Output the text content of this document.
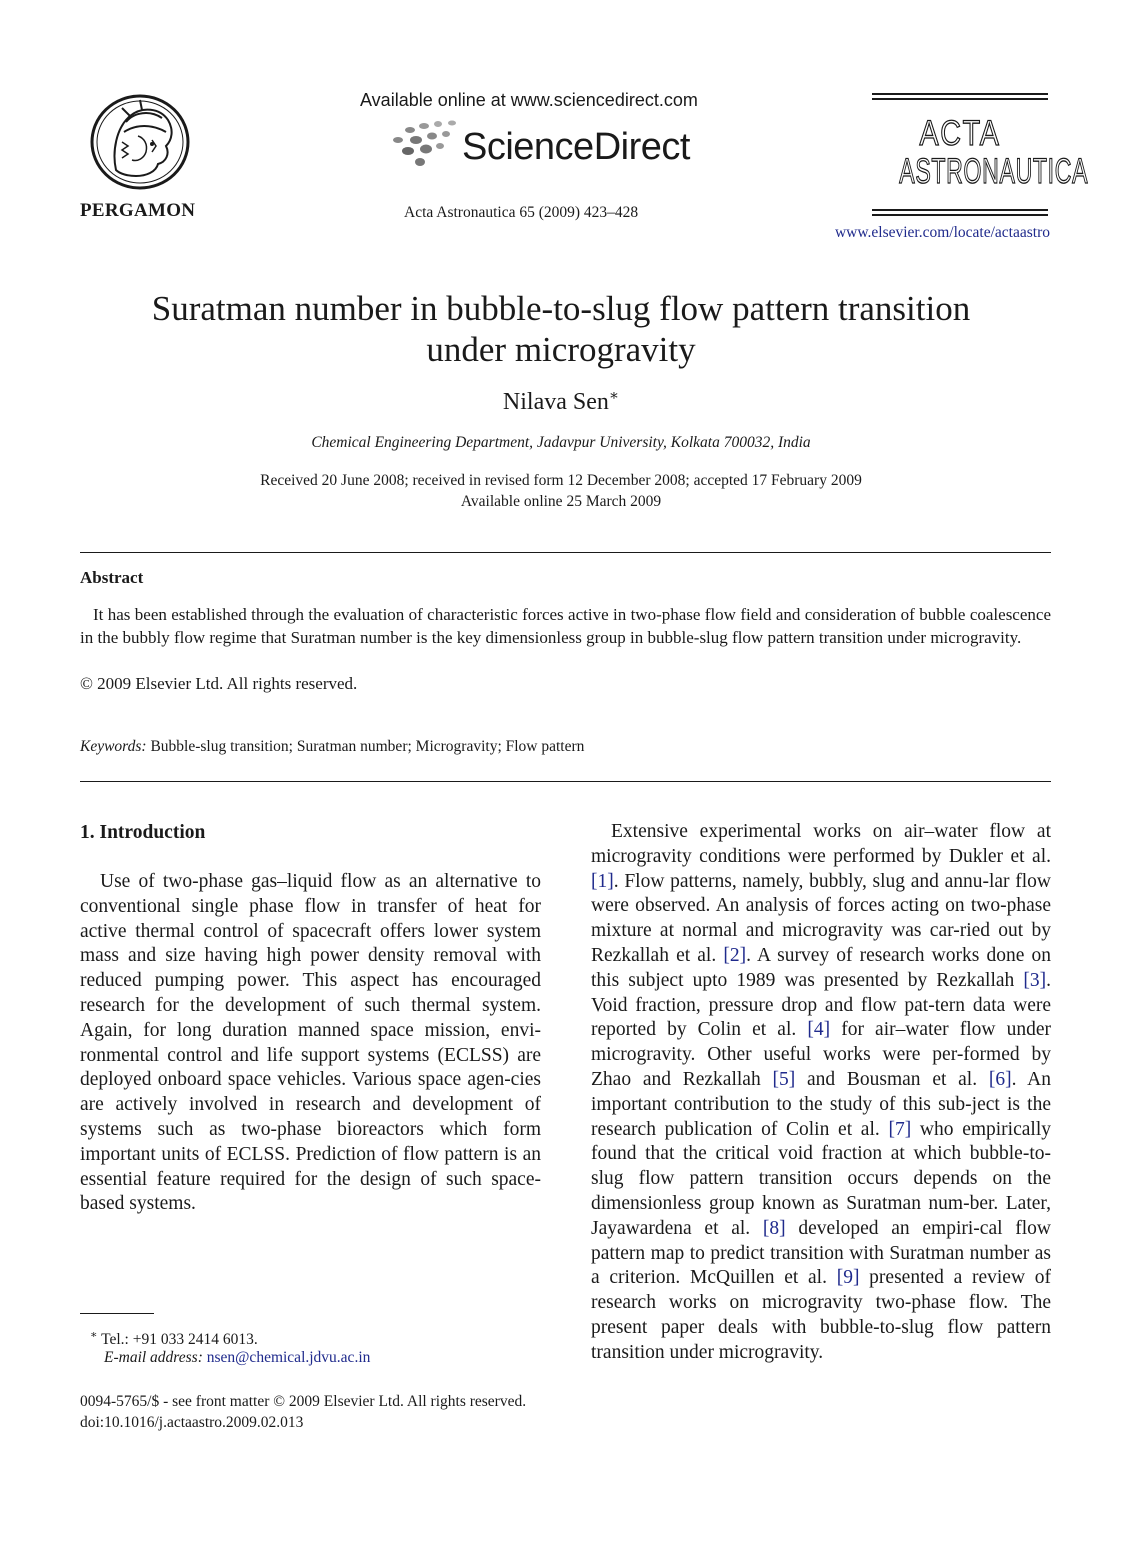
PERGAMON
Available online at www.sciencedirect.com
ScienceDirect
Acta Astronautica 65 (2009) 423–428
ACTA
ASTRONAUTICA
www.elsevier.com/locate/actaastro
Suratman number in bubble-to-slug flow pattern transition
under microgravity
Nilava Sen∗
Chemical Engineering Department, Jadavpur University, Kolkata 700032, India
Received 20 June 2008; received in revised form 12 December 2008; accepted 17 February 2009
Available online 25 March 2009
Abstract

It has been established through the evaluation of characteristic forces active in two-phase flow field and consideration of bubble coalescence in the bubbly flow regime that Suratman number is the key dimensionless group in bubble-slug flow pattern transition under microgravity.

© 2009 Elsevier Ltd. All rights reserved.
Keywords: Bubble-slug transition; Suratman number; Microgravity; Flow pattern
1. Introduction

Use of two-phase gas–liquid flow as an alternative to conventional single phase flow in transfer of heat for active thermal control of spacecraft offers lower system mass and size having high power density removal with reduced pumping power. This aspect has encouraged research for the development of such thermal system. Again, for long duration manned space mission, envi-ronmental control and life support systems (ECLSS) are deployed onboard space vehicles. Various space agen-cies are actively involved in research and development of systems such as two-phase bioreactors which form important units of ECLSS. Prediction of flow pattern is an essential feature required for the design of such space-based systems.

Extensive experimental works on air–water flow at microgravity conditions were performed by Dukler et al. [1]. Flow patterns, namely, bubbly, slug and annu-lar flow were observed. An analysis of forces acting on two-phase mixture at normal and microgravity was car-ried out by Rezkallah et al. [2]. A survey of research works done on this subject upto 1989 was presented by Rezkallah [3]. Void fraction, pressure drop and flow pat-tern data were reported by Colin et al. [4] for air–water flow under microgravity. Other useful works were per-formed by Zhao and Rezkallah [5] and Bousman et al. [6]. An important contribution to the study of this sub-ject is the research publication of Colin et al. [7] who empirically found that the critical void fraction at which bubble-to-slug flow pattern transition occurs depends on the dimensionless group known as Suratman num-ber. Later, Jayawardena et al. [8] developed an empiri-cal flow pattern map to predict transition with Suratman number as a criterion. McQuillen et al. [9] presented a review of research works on microgravity two-phase flow. The present paper deals with bubble-to-slug flow pattern transition under microgravity.

∗ Tel.: +91 033 2414 6013.
E-mail address: nsen@chemical.jdvu.ac.in
0094-5765/$ - see front matter © 2009 Elsevier Ltd. All rights reserved.
doi:10.1016/j.actaastro.2009.02.013
